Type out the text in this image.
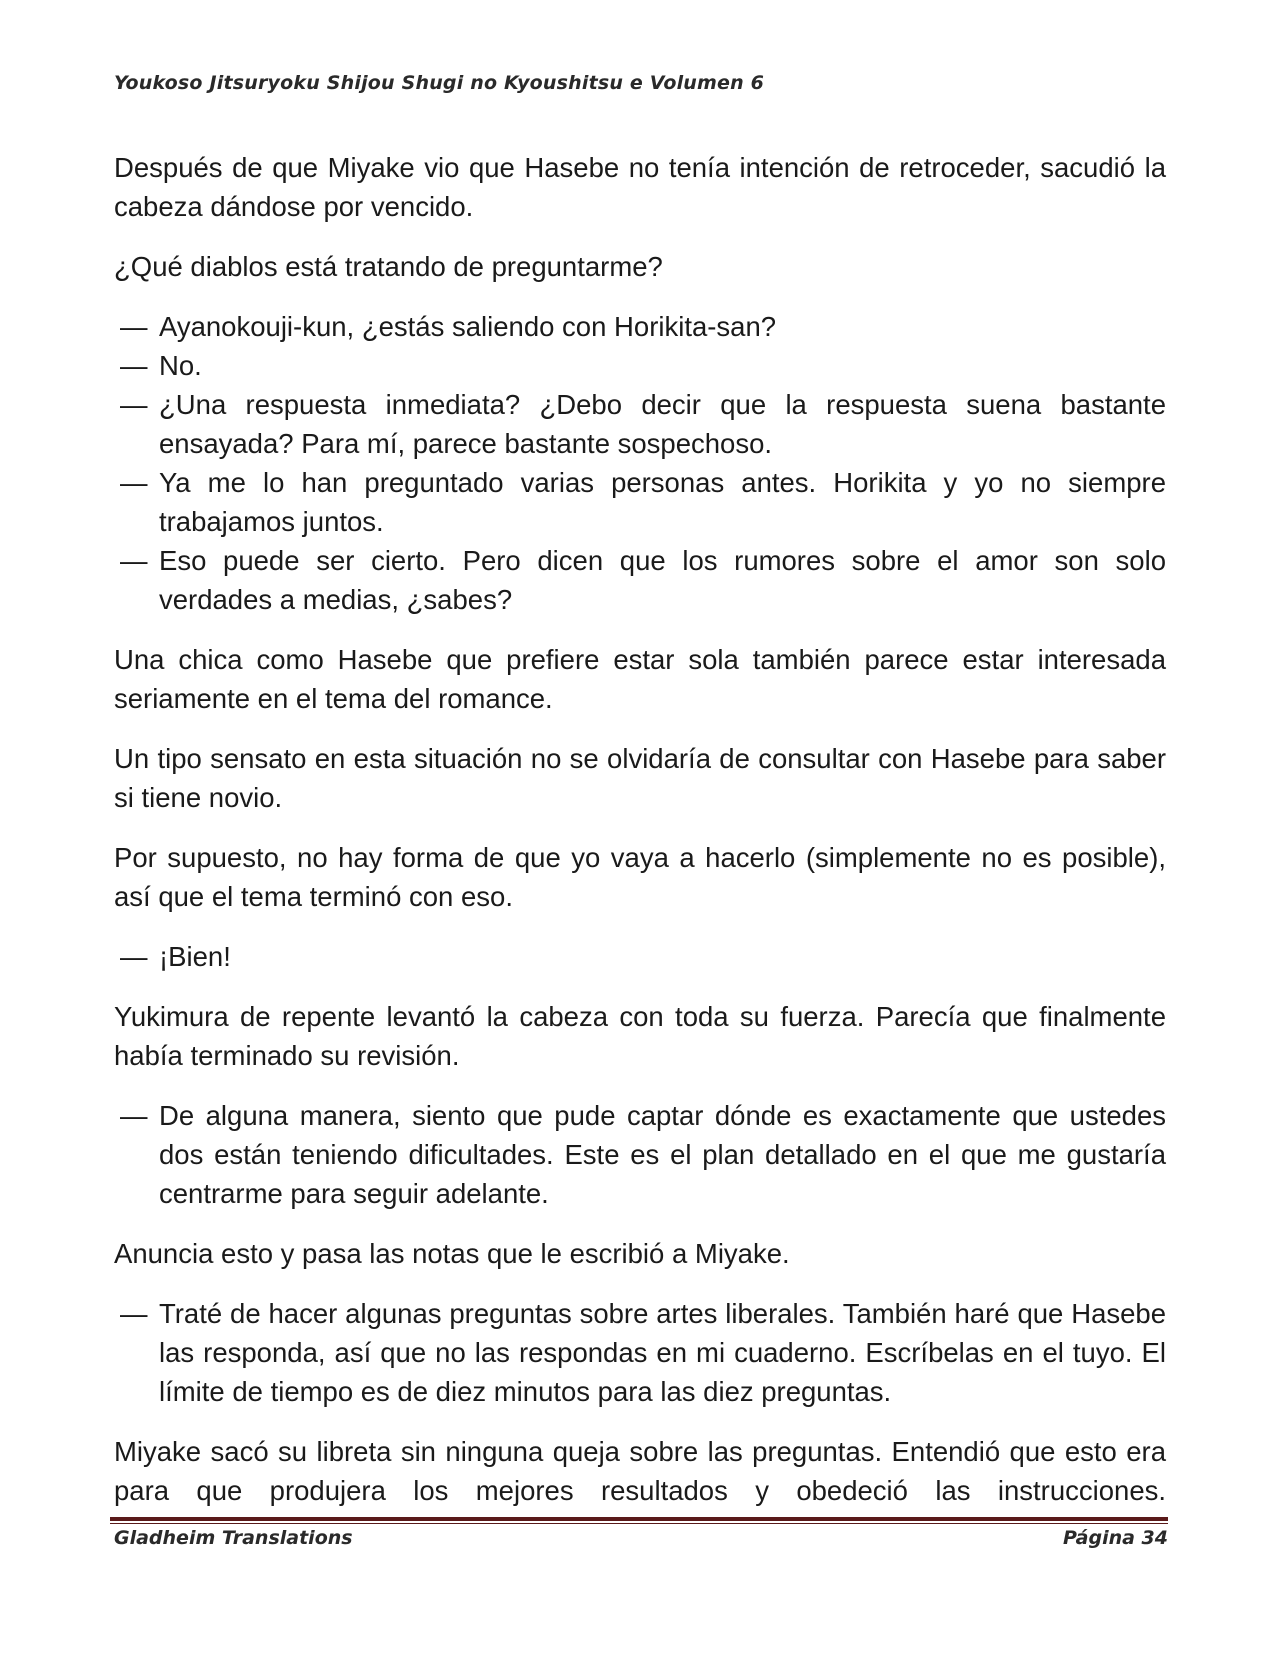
Youkoso Jitsuryoku Shijou Shugi no Kyoushitsu e Volumen 6

Después de que Miyake vio que Hasebe no tenía intención de retroceder, sacudió la cabeza dándose por vencido.

¿Qué diablos está tratando de preguntarme?

— Ayanokouji-kun, ¿estás saliendo con Horikita-san?
— No.
— ¿Una respuesta inmediata? ¿Debo decir que la respuesta suena bastante ensayada? Para mí, parece bastante sospechoso.
— Ya me lo han preguntado varias personas antes. Horikita y yo no siempre trabajamos juntos.
— Eso puede ser cierto. Pero dicen que los rumores sobre el amor son solo verdades a medias, ¿sabes?

Una chica como Hasebe que prefiere estar sola también parece estar interesada seriamente en el tema del romance.

Un tipo sensato en esta situación no se olvidaría de consultar con Hasebe para saber si tiene novio.

Por supuesto, no hay forma de que yo vaya a hacerlo (simplemente no es posible), así que el tema terminó con eso.

— ¡Bien!

Yukimura de repente levantó la cabeza con toda su fuerza. Parecía que finalmente había terminado su revisión.

— De alguna manera, siento que pude captar dónde es exactamente que ustedes dos están teniendo dificultades. Este es el plan detallado en el que me gustaría centrarme para seguir adelante.

Anuncia esto y pasa las notas que le escribió a Miyake.

— Traté de hacer algunas preguntas sobre artes liberales. También haré que Hasebe las responda, así que no las respondas en mi cuaderno. Escríbelas en el tuyo. El límite de tiempo es de diez minutos para las diez preguntas.

Miyake sacó su libreta sin ninguna queja sobre las preguntas. Entendió que esto era para que produjera los mejores resultados y obedeció las instrucciones.

Gladheim Translations	Página 34
